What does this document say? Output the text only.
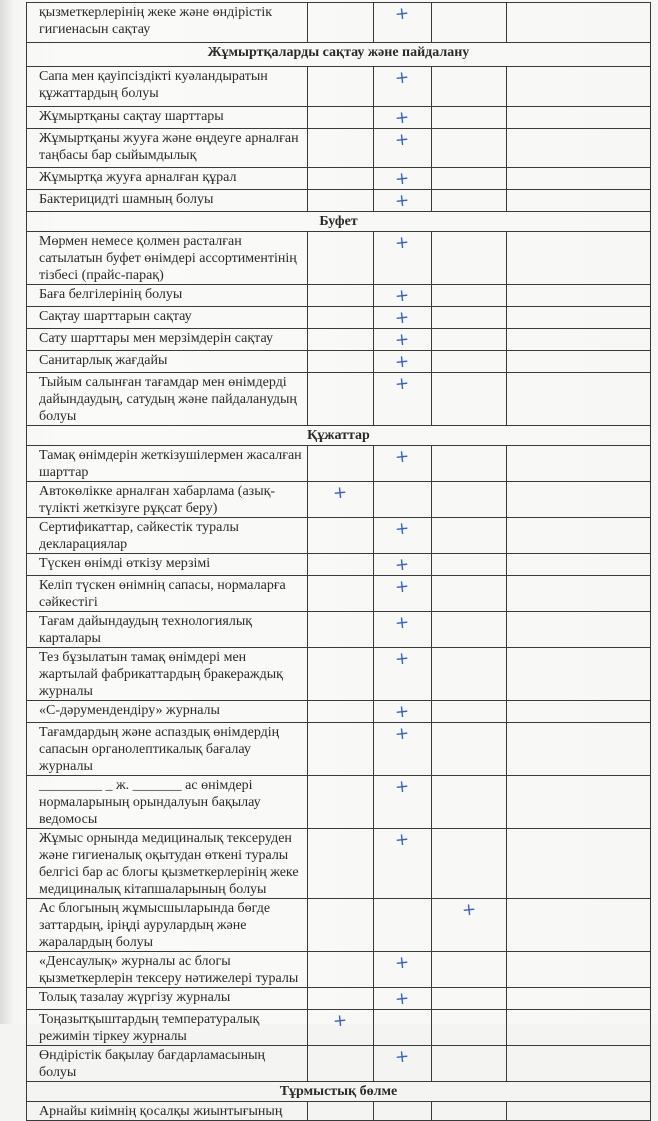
қызметкерлерінің жеке және өндірістік гигиенасын сақтау		+		
Жұмыртқаларды сақтау және пайдалану				
Сапа мен қауіпсіздікті куәландыратын құжаттардың болуы		+		
Жұмыртқаны сақтау шарттары		+		
Жұмыртқаны жууға және өңдеуге арналған таңбасы бар сыйымдылық		+		
Жұмыртқа жууға арналған құрал		+		
Бактерицидті шамның болуы		+		
Буфет				
Мөрмен немесе қолмен расталған сатылатын буфет өнімдері ассортиментінің тізбесі (прайс-парақ)		+		
Баға белгілерінің болуы		+		
Сақтау шарттарын сақтау		+		
Сату шарттары мен мерзімдерін сақтау		+		
Санитарлық жағдайы		+		
Тыйым салынған тағамдар мен өнімдерді дайындаудың, сатудың және пайдаланудың болуы		+		
Құжаттар				
Тамақ өнімдерін жеткізушілермен жасалған шарттар		+		
Автокөлікке арналған хабарлама (азық-түлікті жеткізуге рұқсат беру)	+			
Сертификаттар, сәйкестік туралы декларациялар		+		
Түскен өнімді өткізу мерзімі		+		
Келіп түскен өнімнің сапасы, нормаларға сәйкестігі		+		
Тағам дайындаудың технологиялық карталары		+		
Тез бұзылатын тамақ өнімдері мен жартылай фабрикаттардың бракераждық журналы		+		
«С-дәрумендендіру» журналы		+		
Тағамдардың және аспаздық өнімдердің сапасын органолептикалық бағалау журналы		+		
_________ _ ж. _______ ас өнімдері нормаларының орындалуын бақылау ведомосы		+		
Жұмыс орнында медициналық тексеруден және гигиеналық оқытудан өткені туралы белгісі бар ас блогы қызметкерлерінің жеке медициналық кітапшаларының болуы		+		
Ас блогының жұмысшыларында бөгде заттардың, іріңді аурулардың және жаралардың болуы			+	
«Денсаулық» журналы ас блогы қызметкерлерін тексеру нәтижелері туралы		+		
Толық тазалау жүргізу журналы		+		
Тоңазытқыштардың температуралық режимін тіркеу журналы	+			
Өндірістік бақылау бағдарламасының болуы		+		
Тұрмыстық бөлме				
Арнайы киімнің қосалқы жиынтығының				
